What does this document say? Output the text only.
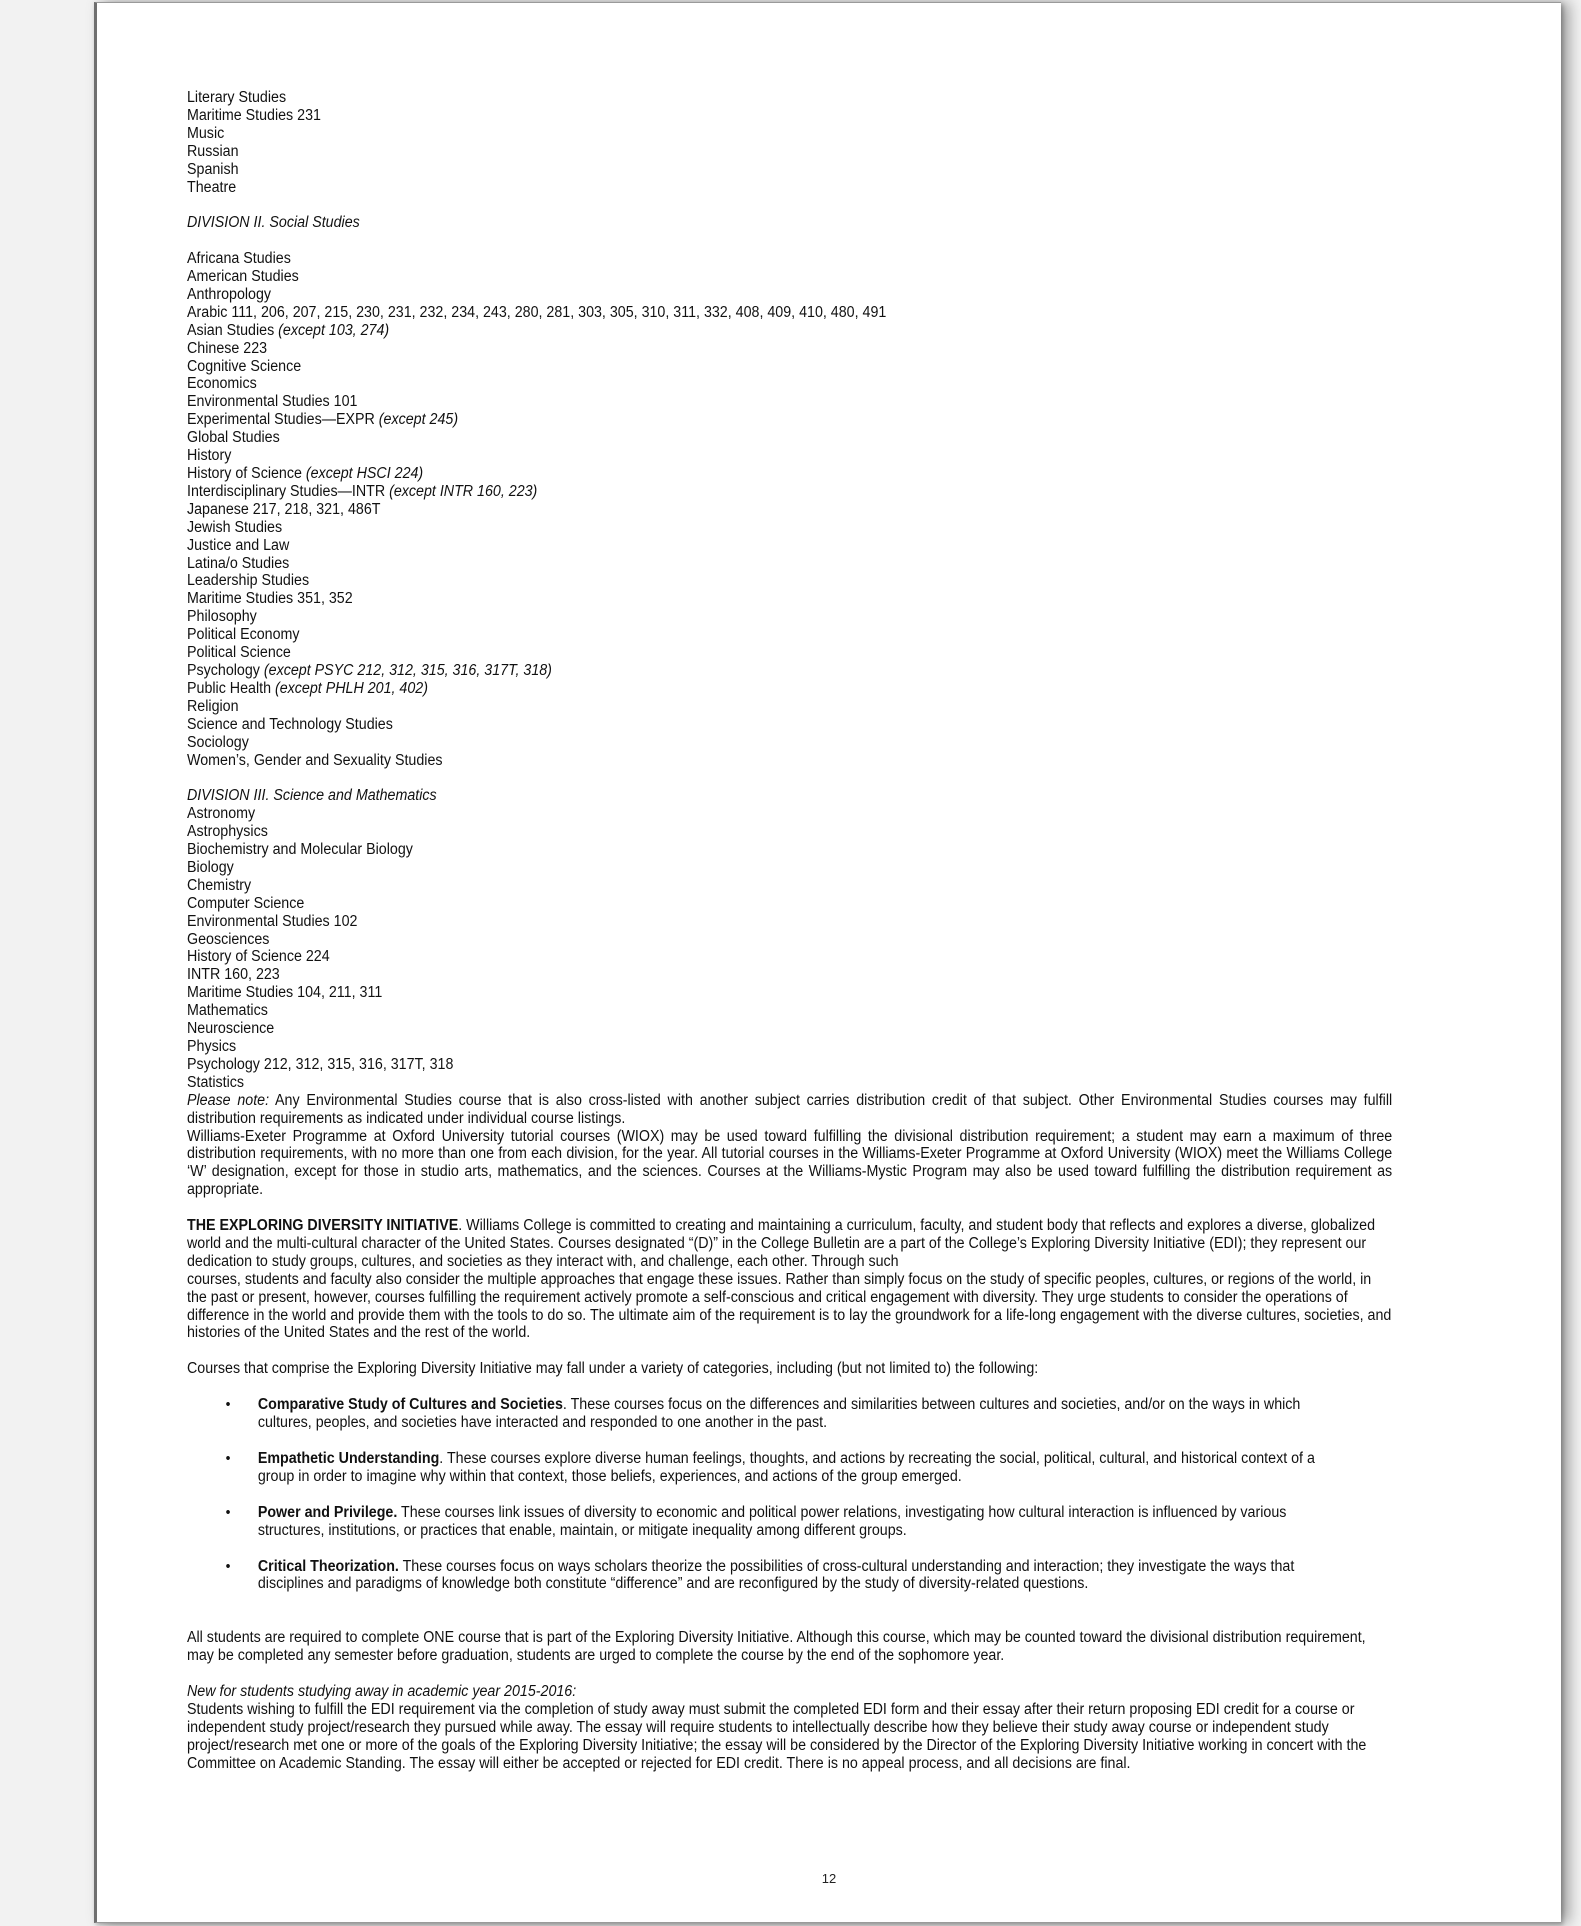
Literary Studies

Maritime Studies 231

Music

Russian

Spanish

Theatre

DIVISION II. Social Studies

Africana Studies

American Studies

Anthropology

Arabic 111, 206, 207, 215, 230, 231, 232, 234, 243, 280, 281, 303, 305, 310, 311, 332, 408, 409, 410, 480, 491

Asian Studies (except 103, 274)

Chinese 223

Cognitive Science

Economics

Environmental Studies 101

Experimental Studies—EXPR (except 245)

Global Studies

History

History of Science (except HSCI 224)

Interdisciplinary Studies—INTR (except INTR 160, 223)

Japanese 217, 218, 321, 486T

Jewish Studies

Justice and Law

Latina/o Studies

Leadership Studies

Maritime Studies 351, 352

Philosophy

Political Economy

Political Science

Psychology (except PSYC 212, 312, 315, 316, 317T, 318)

Public Health (except PHLH 201, 402)

Religion

Science and Technology Studies

Sociology

Women’s, Gender and Sexuality Studies

DIVISION III. Science and Mathematics

Astronomy

Astrophysics

Biochemistry and Molecular Biology

Biology

Chemistry

Computer Science

Environmental Studies 102

Geosciences

History of Science 224

INTR 160, 223

Maritime Studies 104, 211, 311

Mathematics

Neuroscience

Physics

Psychology 212, 312, 315, 316, 317T, 318

Statistics

Please note: Any Environmental Studies course that is also cross-listed with another subject carries distribution credit of that subject. Other Environmental Studies courses may fulfill distribution requirements as indicated under individual course listings.

Williams-Exeter Programme at Oxford University tutorial courses (WIOX) may be used toward fulfilling the divisional distribution requirement; a student may earn a maximum of three distribution requirements, with no more than one from each division, for the year. All tutorial courses in the Williams-Exeter Programme at Oxford University (WIOX) meet the Williams College ‘W’ designation, except for those in studio arts, mathematics, and the sciences. Courses at the Williams-Mystic Program may also be used toward fulfilling the distribution requirement as appropriate.

THE EXPLORING DIVERSITY INITIATIVE. Williams College is committed to creating and maintaining a curriculum, faculty, and student body that reflects and explores a diverse, globalized world and the multi-cultural character of the United States. Courses designated “(D)” in the College Bulletin are a part of the College’s Exploring Diversity Initiative (EDI); they represent our dedication to study groups, cultures, and societies as they interact with, and challenge, each other. Through such

courses, students and faculty also consider the multiple approaches that engage these issues. Rather than simply focus on the study of specific peoples, cultures, or regions of the world, in the past or present, however, courses fulfilling the requirement actively promote a self-conscious and critical engagement with diversity. They urge students to consider the operations of difference in the world and provide them with the tools to do so. The ultimate aim of the requirement is to lay the groundwork for a life-long engagement with the diverse cultures, societies, and histories of the United States and the rest of the world.

Courses that comprise the Exploring Diversity Initiative may fall under a variety of categories, including (but not limited to) the following:

• Comparative Study of Cultures and Societies. These courses focus on the differences and similarities between cultures and societies, and/or on the ways in which cultures, peoples, and societies have interacted and responded to one another in the past.
• Empathetic Understanding. These courses explore diverse human feelings, thoughts, and actions by recreating the social, political, cultural, and historical context of a group in order to imagine why within that context, those beliefs, experiences, and actions of the group emerged.
• Power and Privilege. These courses link issues of diversity to economic and political power relations, investigating how cultural interaction is influenced by various structures, institutions, or practices that enable, maintain, or mitigate inequality among different groups.
• Critical Theorization. These courses focus on ways scholars theorize the possibilities of cross-cultural understanding and interaction; they investigate the ways that disciplines and paradigms of knowledge both constitute “difference” and are reconfigured by the study of diversity-related questions.

All students are required to complete ONE course that is part of the Exploring Diversity Initiative. Although this course, which may be counted toward the divisional distribution requirement, may be completed any semester before graduation, students are urged to complete the course by the end of the sophomore year.

New for students studying away in academic year 2015-2016:

Students wishing to fulfill the EDI requirement via the completion of study away must submit the completed EDI form and their essay after their return proposing EDI credit for a course or independent study project/research they pursued while away. The essay will require students to intellectually describe how they believe their study away course or independent study project/research met one or more of the goals of the Exploring Diversity Initiative; the essay will be considered by the Director of the Exploring Diversity Initiative working in concert with the Committee on Academic Standing. The essay will either be accepted or rejected for EDI credit. There is no appeal process, and all decisions are final.

12
